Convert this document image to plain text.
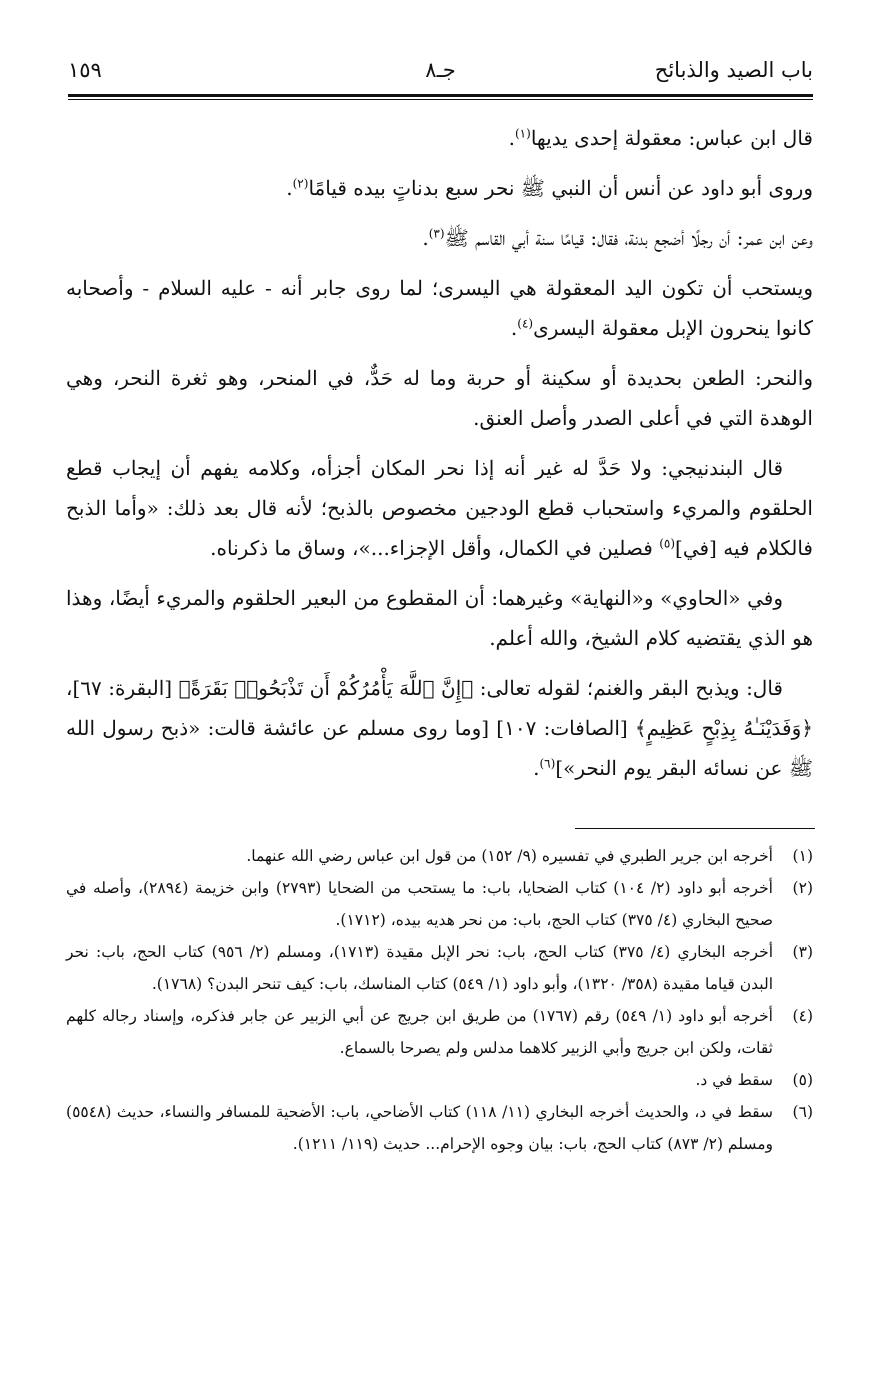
باب الصيد والذبائح
جـ٨
١٥٩

قال ابن عباس: معقولة إحدى يديها$^{(١)}$.

وروى أبو داود عن أنس أن النبي ﷺ نحر سبع بدناتٍ بيده قيامًا$^{(٢)}$.

وعن ابن عمر: أن رجلًا أضجع بدنة، فقال: قيامًا سنة أبي القاسم ﷺ$^{(٣)}$.

ويستحب أن تكون اليد المعقولة هي اليسرى؛ لما روى جابر أنه - عليه السلام - وأصحابه كانوا ينحرون الإبل معقولة اليسرى$^{(٤)}$.

والنحر: الطعن بحديدة أو سكينة أو حربة وما له حَدٌّ، في المنحر، وهو ثغرة النحر، وهي الوهدة التي في أعلى الصدر وأصل العنق.

قال البندنيجي: ولا حَدَّ له غير أنه إذا نحر المكان أجزأه، وكلامه يفهم أن إيجاب قطع الحلقوم والمريء واستحباب قطع الودجين مخصوص بالذبح؛ لأنه قال بعد ذلك: «وأما الذبح فالكلام فيه [في]$^{(٥)}$ فصلين في الكمال، وأقل الإجزاء...»، وساق ما ذكرناه.

وفي «الحاوي» و«النهاية» وغيرهما: أن المقطوع من البعير الحلقوم والمريء أيضًا، وهذا هو الذي يقتضيه كلام الشيخ، والله أعلم.

قال: ويذبح البقر والغنم؛ لقوله تعالى: ﴿إِنَّ ٱللَّهَ يَأْمُرُكُمْ أَن تَذْبَحُوا۟ بَقَرَةً﴾ [البقرة: ٦٧]، ﴿وَفَدَيْنَـٰهُ بِذِبْحٍ عَظِيمٍ﴾ [الصافات: ١٠٧] [وما روى مسلم عن عائشة قالت: «ذبح رسول الله ﷺ عن نسائه البقر يوم النحر»]$^{(٦)}$.

(١)
أخرجه ابن جرير الطبري في تفسيره (٩/ ١٥٢) من قول ابن عباس رضي الله عنهما.
(٢)
أخرجه أبو داود (٢/ ١٠٤) كتاب الضحايا، باب: ما يستحب من الضحايا (٢٧٩٣) وابن خزيمة (٢٨٩٤)، وأصله في صحيح البخاري (٤/ ٣٧٥) كتاب الحج، باب: من نحر هديه بيده، (١٧١٢).
(٣)
أخرجه البخاري (٤/ ٣٧٥) كتاب الحج، باب: نحر الإبل مقيدة (١٧١٣)، ومسلم (٢/ ٩٥٦) كتاب الحج، باب: نحر البدن قياما مقيدة (٣٥٨/ ١٣٢٠)، وأبو داود (١/ ٥٤٩) كتاب المناسك، باب: كيف تنحر البدن؟ (١٧٦٨).
(٤)
أخرجه أبو داود (١/ ٥٤٩) رقم (١٧٦٧) من طريق ابن جريج عن أبي الزبير عن جابر فذكره، وإسناد رجاله كلهم ثقات، ولكن ابن جريج وأبي الزبير كلاهما مدلس ولم يصرحا بالسماع.
(٥)
سقط في د.
(٦)
سقط في د، والحديث أخرجه البخاري (١١/ ١١٨) كتاب الأضاحي، باب: الأضحية للمسافر والنساء، حديث (٥٥٤٨) ومسلم (٢/ ٨٧٣) كتاب الحج، باب: بيان وجوه الإحرام... حديث (١١٩/ ١٢١١).
